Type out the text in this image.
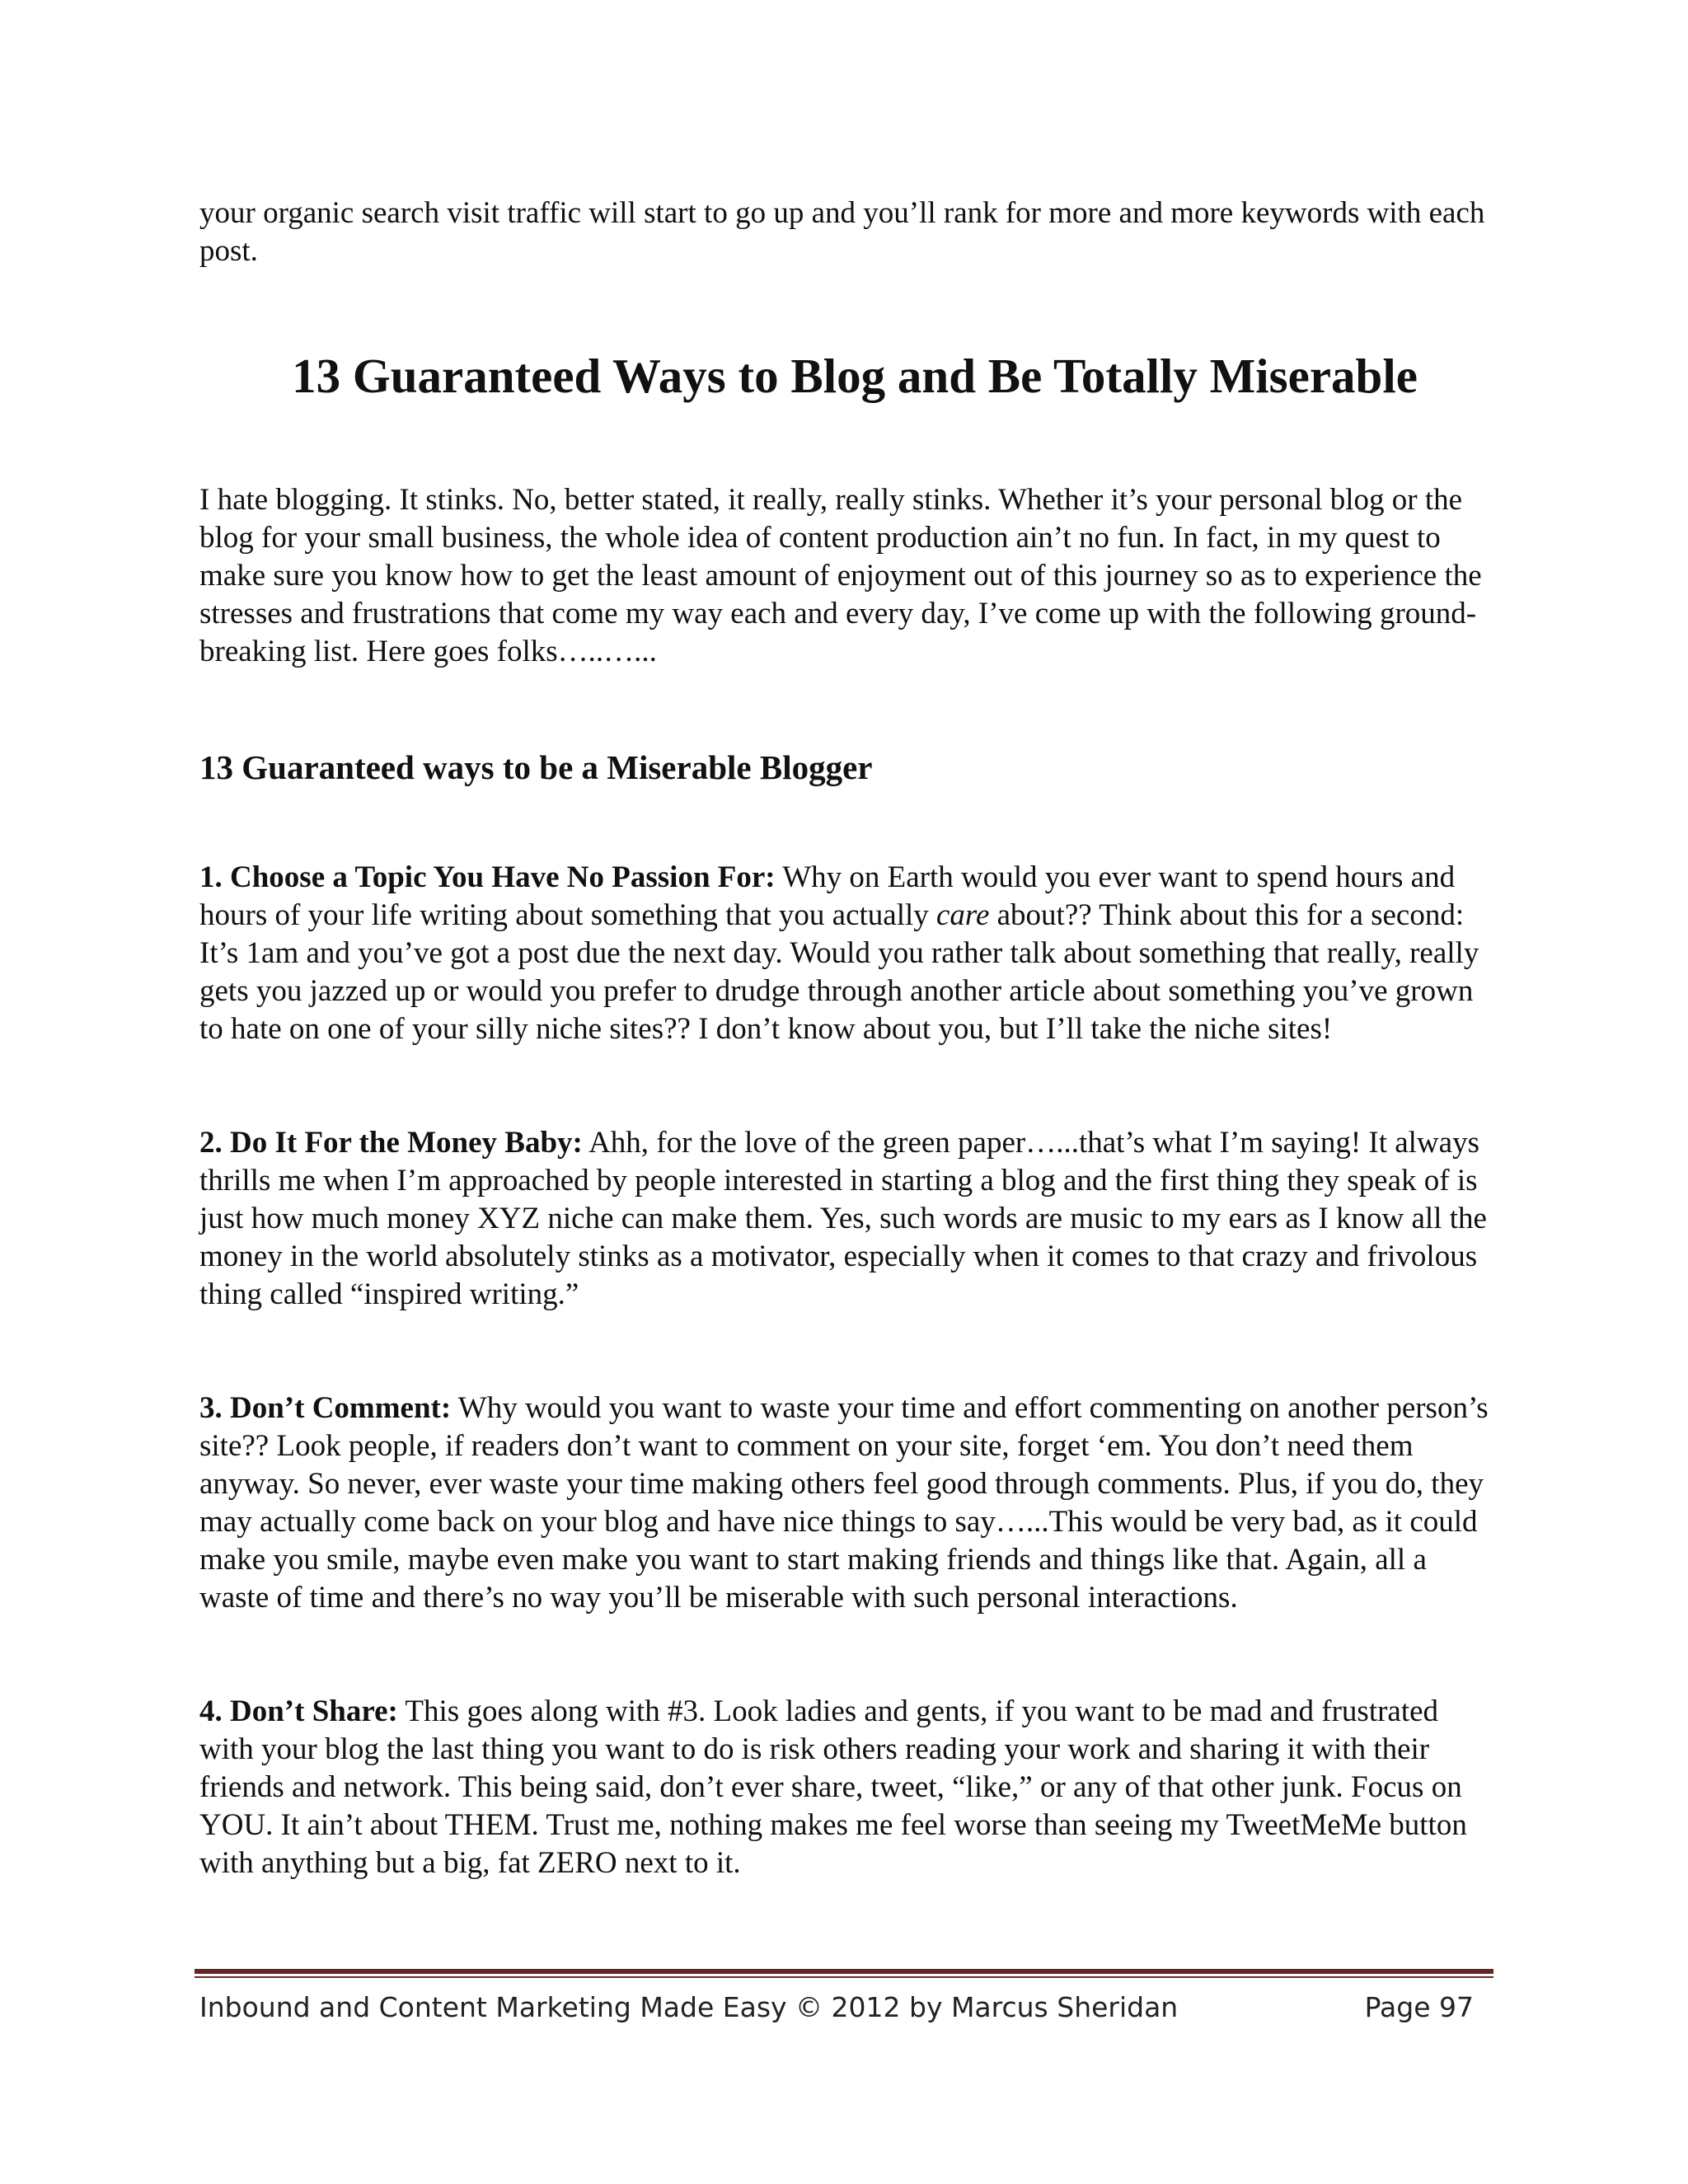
your organic search visit traffic will start to go up and you’ll rank for more and more keywords with each post.

13 Guaranteed Ways to Blog and Be Totally Miserable

I hate blogging. It stinks. No, better stated, it really, really stinks. Whether it’s your personal blog or the blog for your small business, the whole idea of content production ain’t no fun. In fact, in my quest to make sure you know how to get the least amount of enjoyment out of this journey so as to experience the stresses and frustrations that come my way each and every day, I’ve come up with the following ground-breaking list. Here goes folks…..…...

13 Guaranteed ways to be a Miserable Blogger

1. Choose a Topic You Have No Passion For: Why on Earth would you ever want to spend hours and hours of your life writing about something that you actually care about?? Think about this for a second: It’s 1am and you’ve got a post due the next day. Would you rather talk about something that really, really gets you jazzed up or would you prefer to drudge through another article about something you’ve grown to hate on one of your silly niche sites?? I don’t know about you, but I’ll take the niche sites!

2. Do It For the Money Baby: Ahh, for the love of the green paper…...that’s what I’m saying! It always thrills me when I’m approached by people interested in starting a blog and the first thing they speak of is just how much money XYZ niche can make them. Yes, such words are music to my ears as I know all the money in the world absolutely stinks as a motivator, especially when it comes to that crazy and frivolous thing called “inspired writing.”

3. Don’t Comment: Why would you want to waste your time and effort commenting on another person’s site?? Look people, if readers don’t want to comment on your site, forget ‘em. You don’t need them anyway. So never, ever waste your time making others feel good through comments. Plus, if you do, they may actually come back on your blog and have nice things to say…...This would be very bad, as it could make you smile, maybe even make you want to start making friends and things like that. Again, all a waste of time and there’s no way you’ll be miserable with such personal interactions.

4. Don’t Share: This goes along with #3. Look ladies and gents, if you want to be mad and frustrated with your blog the last thing you want to do is risk others reading your work and sharing it with their friends and network. This being said, don’t ever share, tweet, “like,” or any of that other junk. Focus on YOU. It ain’t about THEM. Trust me, nothing makes me feel worse than seeing my TweetMeMe button with anything but a big, fat ZERO next to it.

Inbound and Content Marketing Made Easy © 2012 by Marcus Sheridan	Page 97
